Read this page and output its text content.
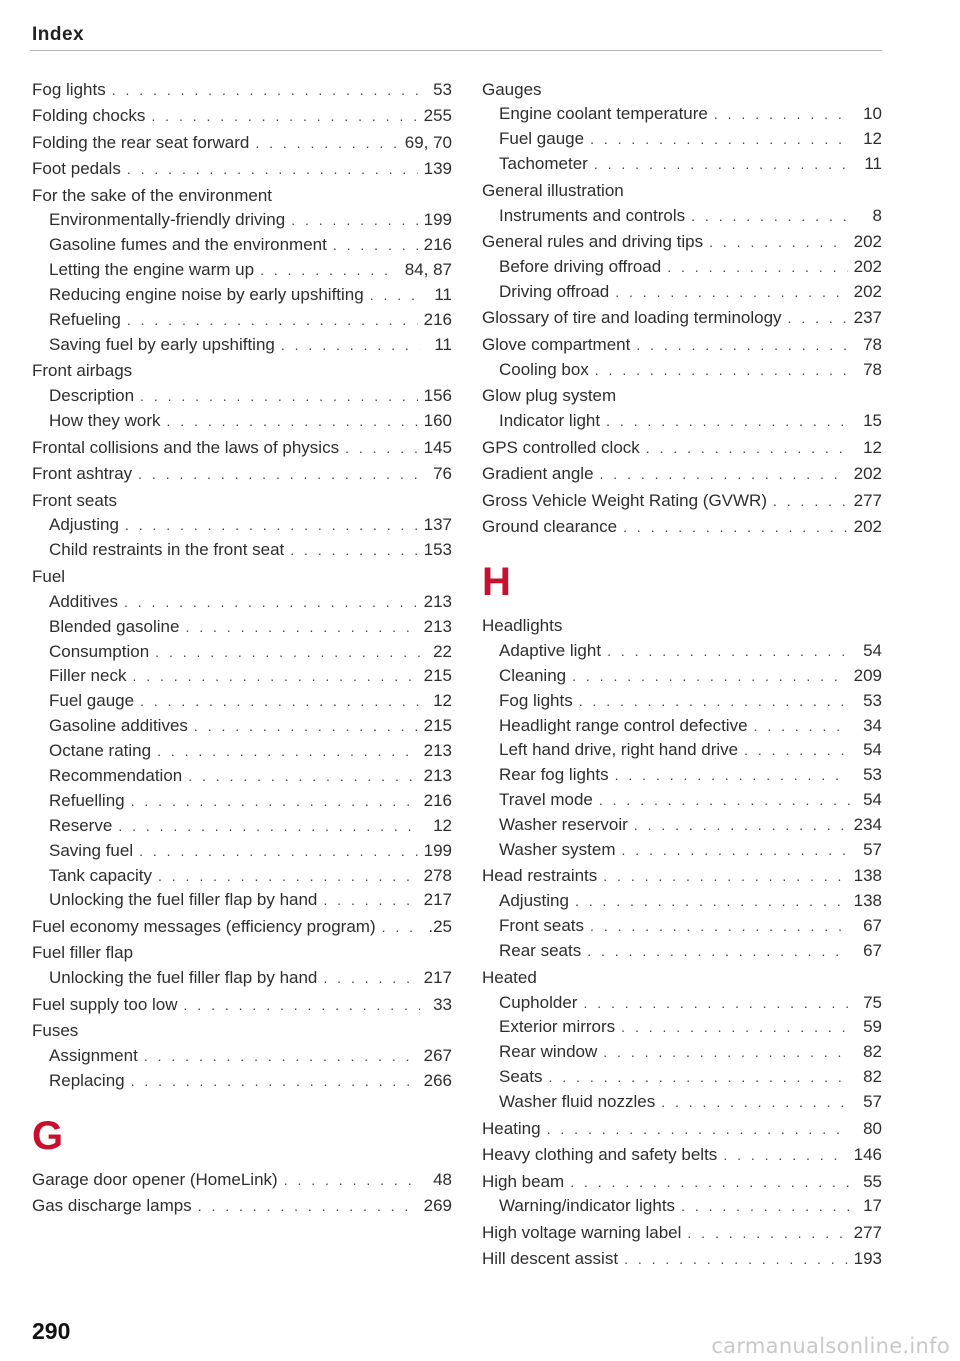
Index
Fog lights . . .	53
Folding chocks . . .	255
Folding the rear seat forward . . .	69, 70
Foot pedals . . .	139
For the sake of the environment
Environmentally-friendly driving . . .	199
Gasoline fumes and the environment . . .	216
Letting the engine warm up . . .	84, 87
Reducing engine noise by early upshifting . . .	11
Refueling . . .	216
Saving fuel by early upshifting . . .	11
Front airbags
Description . . .	156
How they work . . .	160
Frontal collisions and the laws of physics . . .	145
Front ashtray . . .	76
Front seats
Adjusting . . .	137
Child restraints in the front seat . . .	153
Fuel
Additives . . .	213
Blended gasoline . . .	213
Consumption . . .	22
Filler neck . . .	215
Fuel gauge . . .	12
Gasoline additives . . .	215
Octane rating . . .	213
Recommendation . . .	213
Refuelling . . .	216
Reserve . . .	12
Saving fuel . . .	199
Tank capacity . . .	278
Unlocking the fuel filler flap by hand . . .	217
Fuel economy messages (efficiency program) . . .	.25
Fuel filler flap
Unlocking the fuel filler flap by hand . . .	217
Fuel supply too low . . .	33
Fuses
Assignment . . .	267
Replacing . . .	266
G
Garage door opener (HomeLink) . . .	48
Gas discharge lamps . . .	269
Gauges
Engine coolant temperature . . .	10
Fuel gauge . . .	12
Tachometer . . .	11
General illustration
Instruments and controls . . .	8
General rules and driving tips . . .	202
Before driving offroad . . .	202
Driving offroad . . .	202
Glossary of tire and loading terminology . . .	237
Glove compartment . . .	78
Cooling box . . .	78
Glow plug system
Indicator light . . .	15
GPS controlled clock . . .	12
Gradient angle . . .	202
Gross Vehicle Weight Rating (GVWR) . . .	277
Ground clearance . . .	202
H
Headlights
Adaptive light . . .	54
Cleaning . . .	209
Fog lights . . .	53
Headlight range control defective . . .	34
Left hand drive, right hand drive . . .	54
Rear fog lights . . .	53
Travel mode . . .	54
Washer reservoir . . .	234
Washer system . . .	57
Head restraints . . .	138
Adjusting . . .	138
Front seats . . .	67
Rear seats . . .	67
Heated
Cupholder . . .	75
Exterior mirrors . . .	59
Rear window . . .	82
Seats . . .	82
Washer fluid nozzles . . .	57
Heating . . .	80
Heavy clothing and safety belts . . .	146
High beam . . .	55
Warning/indicator lights . . .	17
High voltage warning label . . .	277
Hill descent assist . . .	193
290
carmanualsonline.info
